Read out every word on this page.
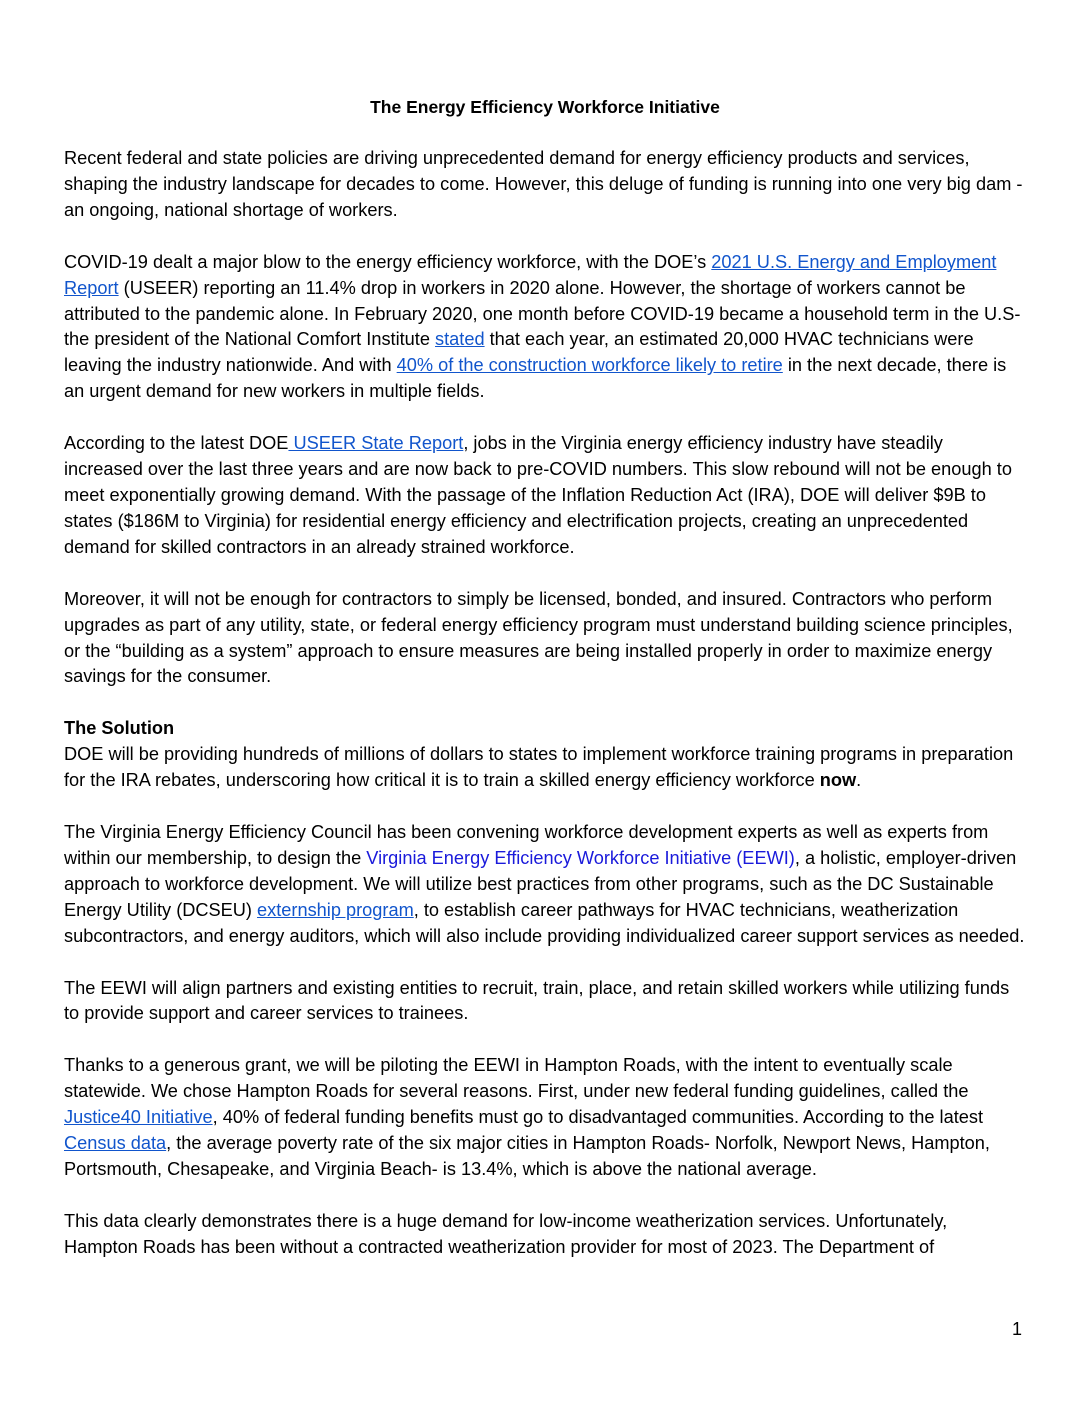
The Energy Efficiency Workforce Initiative

Recent federal and state policies are driving unprecedented demand for energy efficiency products and services, shaping the industry landscape for decades to come. However, this deluge of funding is running into one very big dam - an ongoing, national shortage of workers.

COVID-19 dealt a major blow to the energy efficiency workforce, with the DOE’s 2021 U.S. Energy and Employment Report (USEER) reporting an 11.4% drop in workers in 2020 alone. However, the shortage of workers cannot be attributed to the pandemic alone. In February 2020, one month before COVID-19 became a household term in the U.S- the president of the National Comfort Institute stated that each year, an estimated 20,000 HVAC technicians were leaving the industry nationwide. And with 40% of the construction workforce likely to retire in the next decade, there is an urgent demand for new workers in multiple fields.

According to the latest DOE USEER State Report, jobs in the Virginia energy efficiency industry have steadily increased over the last three years and are now back to pre-COVID numbers. This slow rebound will not be enough to meet exponentially growing demand. With the passage of the Inflation Reduction Act (IRA), DOE will deliver $9B to states ($186M to Virginia) for residential energy efficiency and electrification projects, creating an unprecedented demand for skilled contractors in an already strained workforce.

Moreover, it will not be enough for contractors to simply be licensed, bonded, and insured. Contractors who perform upgrades as part of any utility, state, or federal energy efficiency program must understand building science principles, or the “building as a system” approach to ensure measures are being installed properly in order to maximize energy savings for the consumer.

The Solution
DOE will be providing hundreds of millions of dollars to states to implement workforce training programs in preparation for the IRA rebates, underscoring how critical it is to train a skilled energy efficiency workforce now.

The Virginia Energy Efficiency Council has been convening workforce development experts as well as experts from within our membership, to design the Virginia Energy Efficiency Workforce Initiative (EEWI), a holistic, employer-driven approach to workforce development. We will utilize best practices from other programs, such as the DC Sustainable Energy Utility (DCSEU) externship program, to establish career pathways for HVAC technicians, weatherization subcontractors, and energy auditors, which will also include providing individualized career support services as needed.

The EEWI will align partners and existing entities to recruit, train, place, and retain skilled workers while utilizing funds to provide support and career services to trainees.

Thanks to a generous grant, we will be piloting the EEWI in Hampton Roads, with the intent to eventually scale statewide. We chose Hampton Roads for several reasons. First, under new federal funding guidelines, called the Justice40 Initiative, 40% of federal funding benefits must go to disadvantaged communities. According to the latest Census data, the average poverty rate of the six major cities in Hampton Roads- Norfolk, Newport News, Hampton, Portsmouth, Chesapeake, and Virginia Beach- is 13.4%, which is above the national average.

This data clearly demonstrates there is a huge demand for low-income weatherization services. Unfortunately, Hampton Roads has been without a contracted weatherization provider for most of 2023. The Department of

1
